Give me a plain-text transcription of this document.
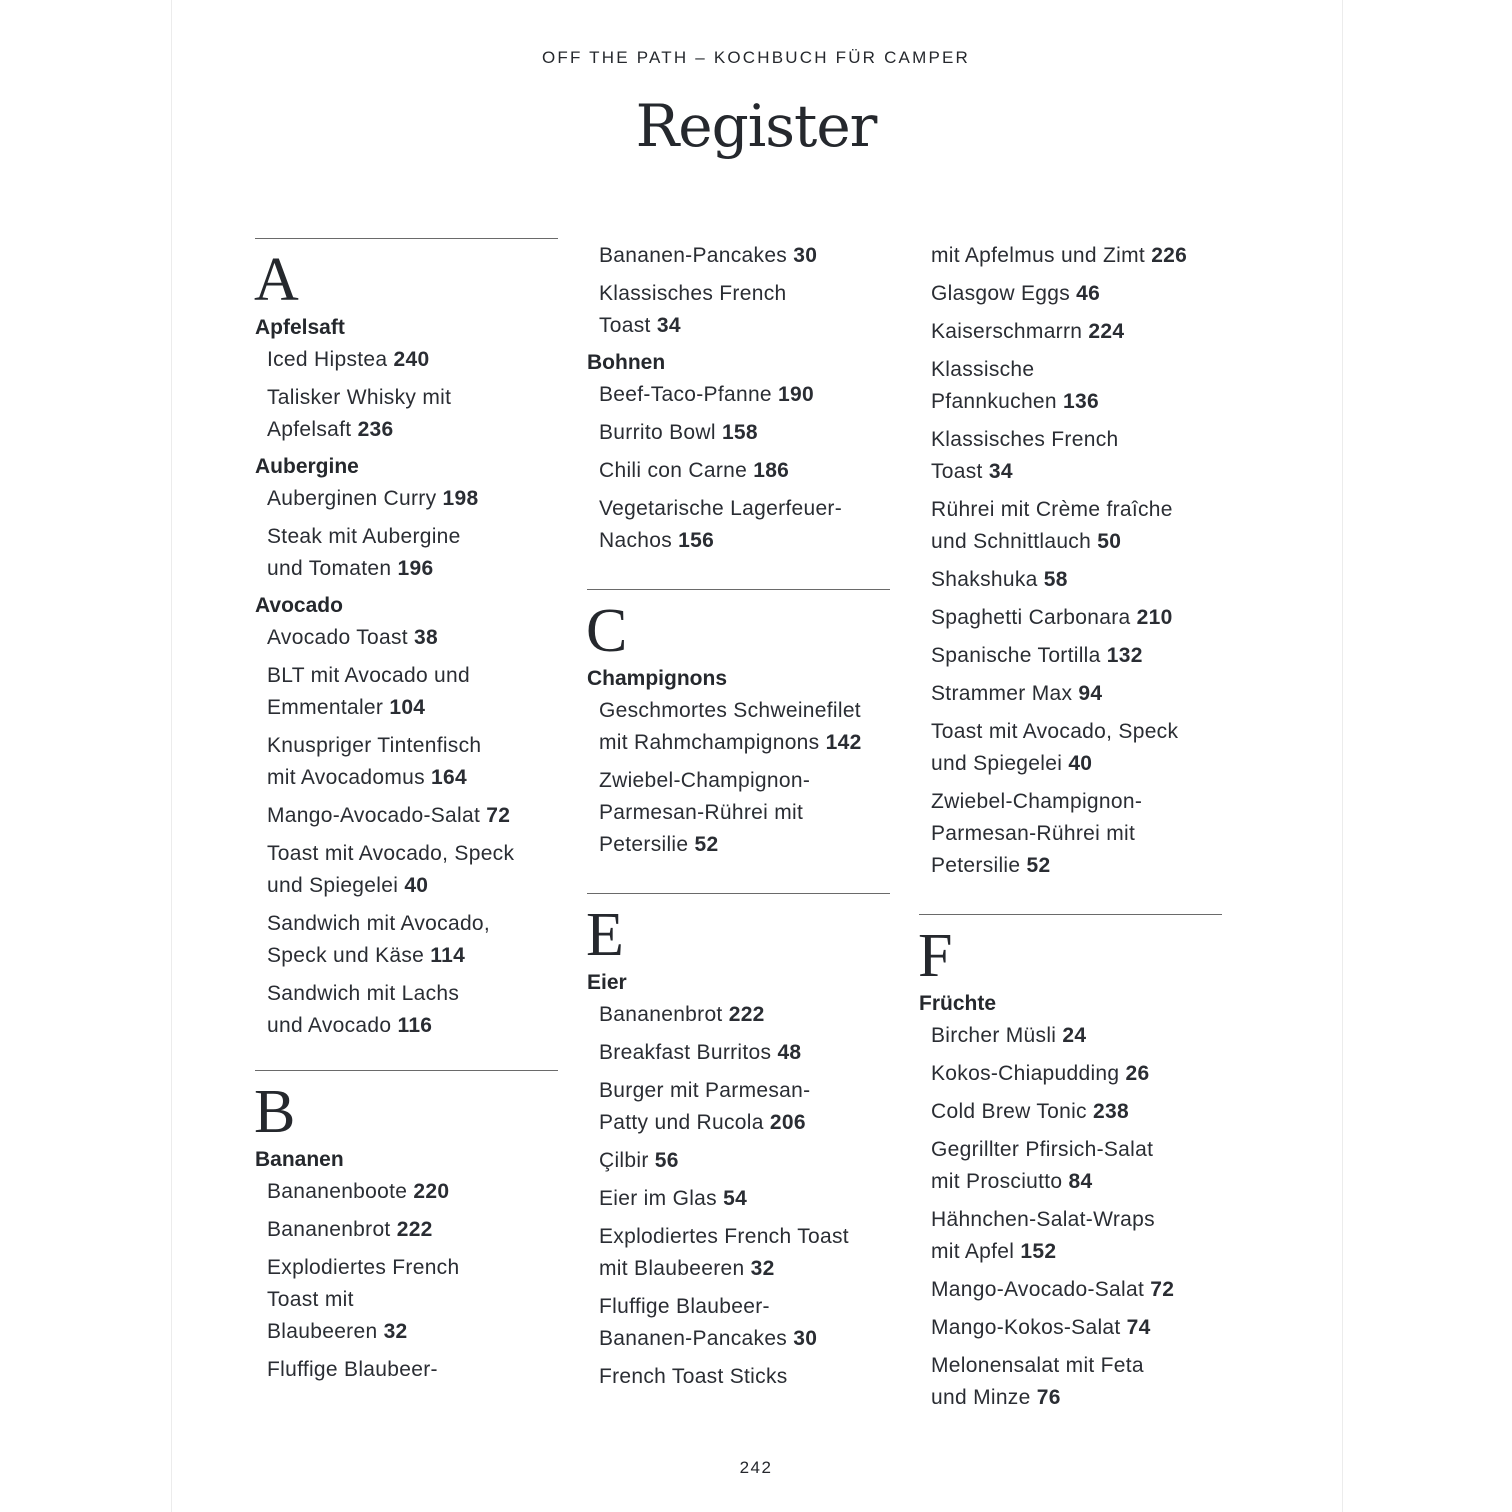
OFF THE PATH – KOCHBUCH FÜR CAMPER
Register
A
Apfelsaft
Iced Hipstea 240
Talisker Whisky mit
Apfelsaft 236
Aubergine
Auberginen Curry 198
Steak mit Aubergine
und Tomaten 196
Avocado
Avocado Toast 38
BLT mit Avocado und
Emmentaler 104
Knuspriger Tintenfisch
mit Avocadomus 164
Mango-Avocado-Salat 72
Toast mit Avocado, Speck
und Spiegelei 40
Sandwich mit Avocado,
Speck und Käse 114
Sandwich mit Lachs
und Avocado 116
B
Bananen
Bananenboote 220
Bananenbrot 222
Explodiertes French
Toast mit
Blaubeeren 32
Fluffige Blaubeer-
Bananen-Pancakes 30
Klassisches French
Toast 34
Bohnen
Beef-Taco-Pfanne 190
Burrito Bowl 158
Chili con Carne 186
Vegetarische Lagerfeuer-
Nachos 156
C
Champignons
Geschmortes Schweinefilet
mit Rahmchampignons 142
Zwiebel-Champignon-
Parmesan-Rührei mit
Petersilie 52
E
Eier
Bananenbrot 222
Breakfast Burritos 48
Burger mit Parmesan-
Patty und Rucola 206
Çilbir 56
Eier im Glas 54
Explodiertes French Toast
mit Blaubeeren 32
Fluffige Blaubeer-
Bananen-Pancakes 30
French Toast Sticks
mit Apfelmus und Zimt 226
Glasgow Eggs 46
Kaiserschmarrn 224
Klassische
Pfannkuchen 136
Klassisches French
Toast 34
Rührei mit Crème fraîche
und Schnittlauch 50
Shakshuka 58
Spaghetti Carbonara 210
Spanische Tortilla 132
Strammer Max 94
Toast mit Avocado, Speck
und Spiegelei 40
Zwiebel-Champignon-
Parmesan-Rührei mit
Petersilie 52
F
Früchte
Bircher Müsli 24
Kokos-Chiapudding 26
Cold Brew Tonic 238
Gegrillter Pfirsich-Salat
mit Prosciutto 84
Hähnchen-Salat-Wraps
mit Apfel 152
Mango-Avocado-Salat 72
Mango-Kokos-Salat 74
Melonensalat mit Feta
und Minze 76
242
